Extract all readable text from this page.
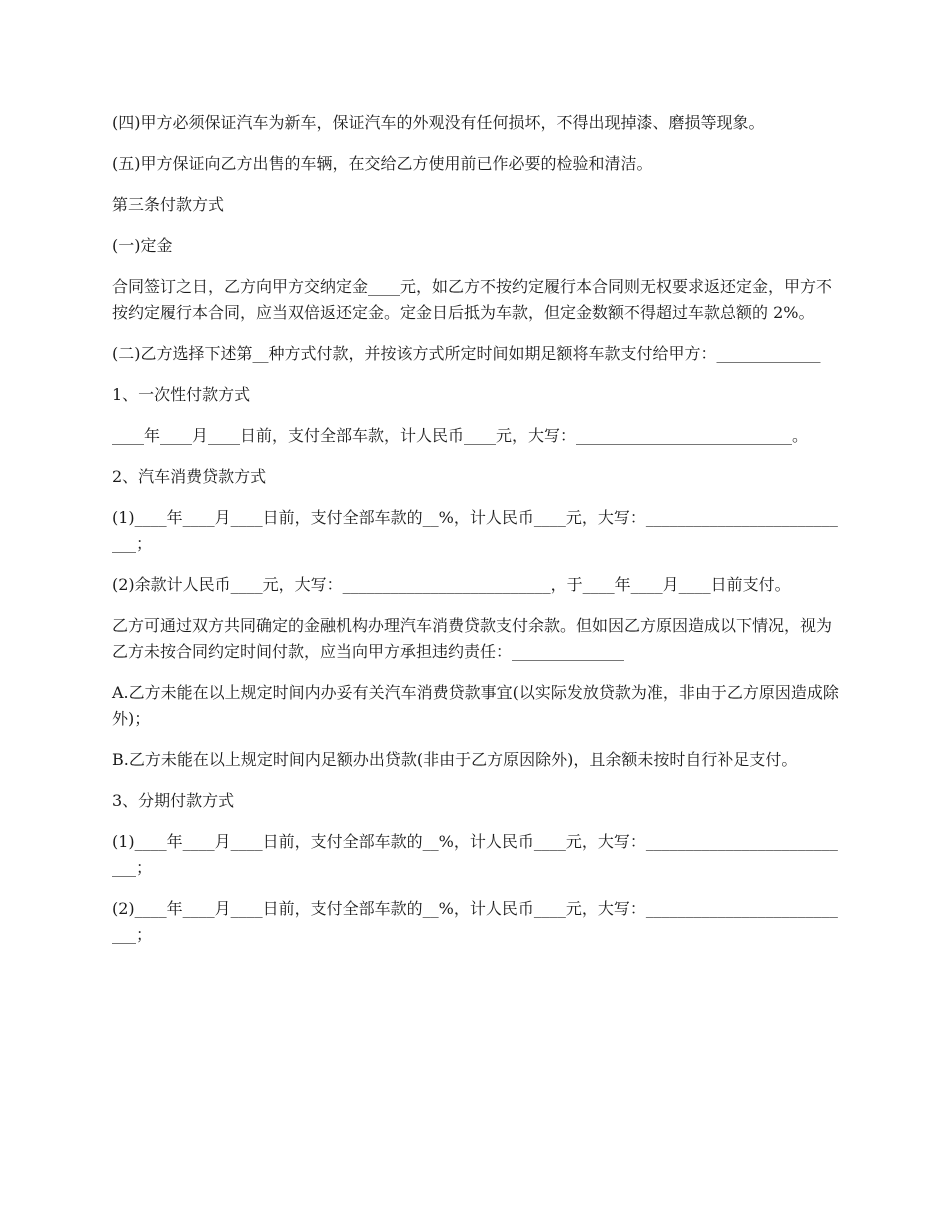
(四)甲方必须保证汽车为新车，保证汽车的外观没有任何损坏，不得出现掉漆、磨损等现象。

(五)甲方保证向乙方出售的车辆，在交给乙方使用前已作必要的检验和清洁。

第三条付款方式

(一)定金

合同签订之日，乙方向甲方交纳定金____元，如乙方不按约定履行本合同则无权要求返还定金，甲方不按约定履行本合同，应当双倍返还定金。定金日后抵为车款，但定金数额不得超过车款总额的 2%。

(二)乙方选择下述第__种方式付款，并按该方式所定时间如期足额将车款支付给甲方：_____________

1、一次性付款方式

____年____月____日前，支付全部车款，计人民币____元，大写：___________________________。

2、汽车消费贷款方式

(1)____年____月____日前，支付全部车款的__%，计人民币____元，大写：___________________________；

(2)余款计人民币____元，大写：__________________________，于____年____月____日前支付。

乙方可通过双方共同确定的金融机构办理汽车消费贷款支付余款。但如因乙方原因造成以下情况，视为乙方未按合同约定时间付款，应当向甲方承担违约责任：______________

A.乙方未能在以上规定时间内办妥有关汽车消费贷款事宜(以实际发放贷款为准，非由于乙方原因造成除外)；

B.乙方未能在以上规定时间内足额办出贷款(非由于乙方原因除外)，且余额未按时自行补足支付。

3、分期付款方式

(1)____年____月____日前，支付全部车款的__%，计人民币____元，大写：___________________________；

(2)____年____月____日前，支付全部车款的__%，计人民币____元，大写：___________________________；
